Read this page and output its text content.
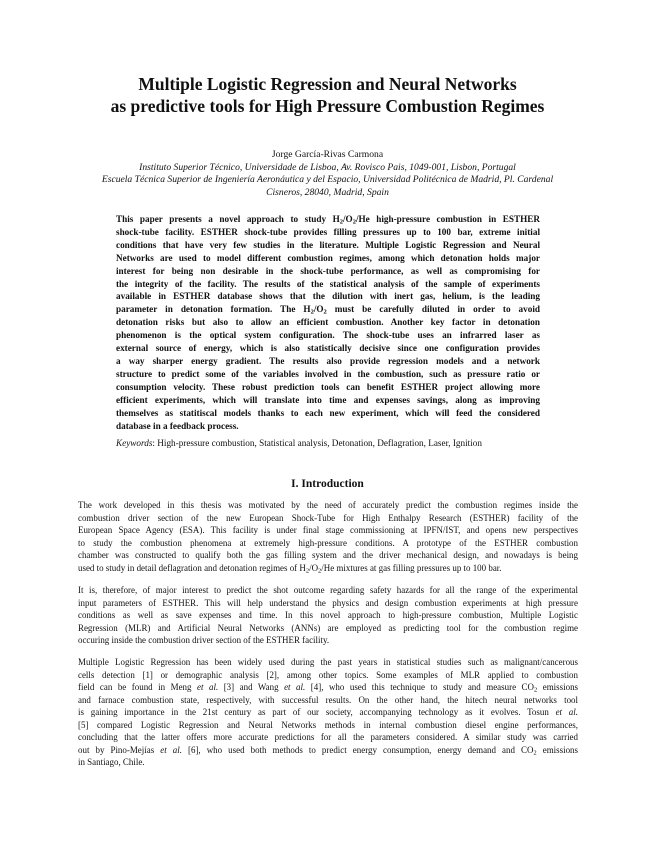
Multiple Logistic Regression and Neural Networks
as predictive tools for High Pressure Combustion Regimes
Jorge García-Rivas Carmona
Instituto Superior Técnico, Universidade de Lisboa, Av. Rovisco Pais, 1049-001, Lisbon, Portugal
Escuela Técnica Superior de Ingeniería Aeronáutica y del Espacio, Universidad Politécnica de Madrid, Pl. Cardenal
Cisneros, 28040, Madrid, Spain
This paper presents a novel approach to study $H_2/O_2/He$ high-pressure combustion in ESTHER
shock-tube facility. ESTHER shock-tube provides filling pressures up to 100 bar, extreme initial
conditions that have very few studies in the literature. Multiple Logistic Regression and Neural
Networks are used to model different combustion regimes, among which detonation holds major
interest for being non desirable in the shock-tube performance, as well as compromising for
the integrity of the facility. The results of the statistical analysis of the sample of experiments
available in ESTHER database shows that the dilution with inert gas, helium, is the leading
parameter in detonation formation. The $H_2/O_2$ must be carefully diluted in order to avoid
detonation risks but also to allow an efficient combustion. Another key factor in detonation
phenomenon is the optical system configuration. The shock-tube uses an infrarred laser as
external source of energy, which is also statistically decisive since one configuration provides
a way sharper energy gradient. The results also provide regression models and a network
structure to predict some of the variables involved in the combustion, such as pressure ratio or
consumption velocity. These robust prediction tools can benefit ESTHER project allowing more
efficient experiments, which will translate into time and expenses savings, along as improving
themselves as statitiscal models thanks to each new experiment, which will feed the considered
database in a feedback process.
Keywords: High-pressure combustion, Statistical analysis, Detonation, Deflagration, Laser, Ignition
I. Introduction
The work developed in this thesis was motivated by the need of accurately predict the combustion regimes inside the
combustion driver section of the new European Shock-Tube for High Enthalpy Research (ESTHER) facility of the
European Space Agency (ESA). This facility is under final stage commissioning at IPFN/IST, and opens new perspectives
to study the combustion phenomena at extremely high-pressure conditions. A prototype of the ESTHER combustion
chamber was constructed to qualify both the gas filling system and the driver mechanical design, and nowadays is being
used to study in detail deflagration and detonation regimes of $H_2/O_2/He$ mixtures at gas filling pressures up to 100 bar.
It is, therefore, of major interest to predict the shot outcome regarding safety hazards for all the range of the experimental
input parameters of ESTHER. This will help understand the physics and design combustion experiments at high pressure
conditions as well as save expenses and time. In this novel approach to high-pressure combustion, Multiple Logistic
Regression (MLR) and Artificial Neural Networks (ANNs) are employed as predicting tool for the combustion regime
occuring inside the combustion driver section of the ESTHER facility.
Multiple Logistic Regression has been widely used during the past years in statistical studies such as malignant/cancerous
cells detection [1] or demographic analysis [2], among other topics. Some examples of MLR applied to combustion
field can be found in Meng et al. [3] and Wang et al. [4], who used this technique to study and measure $CO_2$ emissions
and farnace combustion state, respectively, with successful results. On the other hand, the hitech neural networks tool
is gaining importance in the 21st century as part of our society, accompanying technology as it evolves. Tosun et al.
[5] compared Logistic Regression and Neural Networks methods in internal combustion diesel engine performances,
concluding that the latter offers more accurate predictions for all the parameters considered. A similar study was carried
out by Pino-Mejías et al. [6], who used both methods to predict energy consumption, energy demand and $CO_2$ emissions
in Santiago, Chile.
